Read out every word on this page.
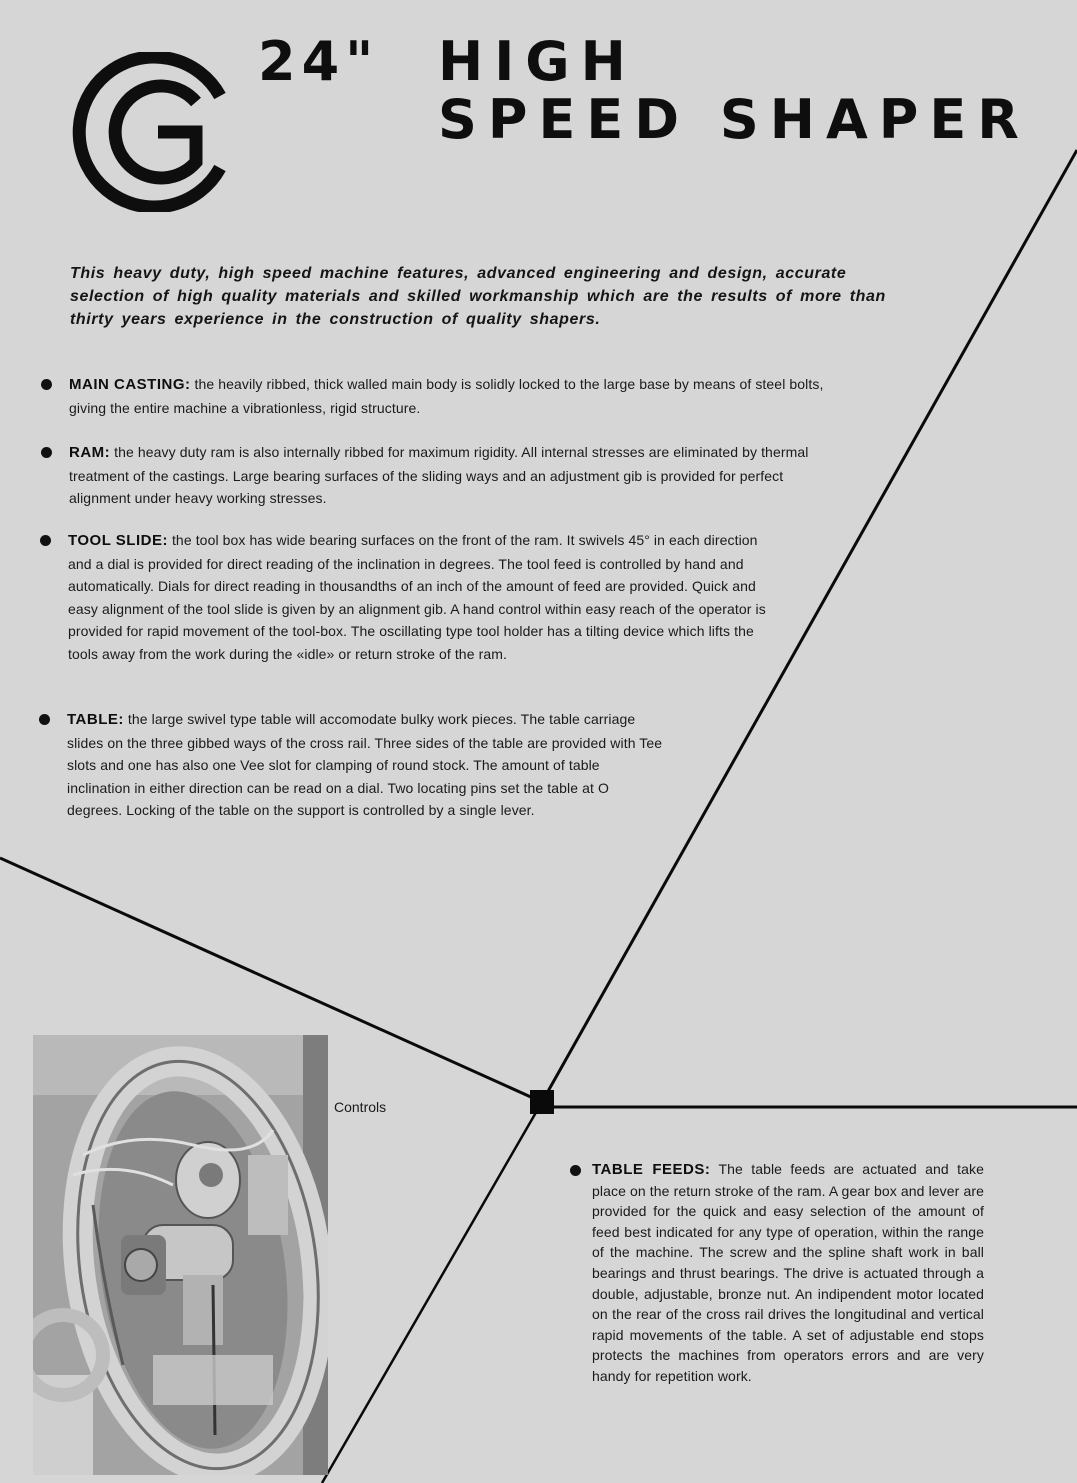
24" HIGH
SPEED SHAPER
This heavy duty, high speed machine features, advanced engineering and design, accurate selection of high quality materials and skilled workmanship which are the results of more than thirty years experience in the construction of quality shapers.

MAIN CASTING: the heavily ribbed, thick walled main body is solidly locked to the large base by means of steel bolts, giving the entire machine a vibrationless, rigid structure.

RAM: the heavy duty ram is also internally ribbed for maximum rigidity. All internal stresses are eliminated by thermal treatment of the castings. Large bearing surfaces of the sliding ways and an adjustment gib is provided for perfect alignment under heavy working stresses.

TOOL SLIDE: the tool box has wide bearing surfaces on the front of the ram. It swivels 45° in each direction and a dial is provided for direct reading of the inclination in degrees. The tool feed is controlled by hand and automatically. Dials for direct reading in thousandths of an inch of the amount of feed are provided. Quick and easy alignment of the tool slide is given by an alignment gib. A hand control within easy reach of the operator is provided for rapid movement of the tool-box. The oscillating type tool holder has a tilting device which lifts the tools away from the work during the «idle» or return stroke of the ram.

TABLE: the large swivel type table will accomodate bulky work pieces. The table carriage slides on the three gibbed ways of the cross rail. Three sides of the table are provided with Tee slots and one has also one Vee slot for clamping of round stock. The amount of table inclination in either direction can be read on a dial. Two locating pins set the table at O degrees. Locking of the table on the support is controlled by a single lever.

Controls

TABLE FEEDS: The table feeds are actuated and take place on the return stroke of the ram. A gear box and lever are provided for the quick and easy selection of the amount of feed best indicated for any type of operation, within the range of the machine. The screw and the spline shaft work in ball bearings and thrust bearings. The drive is actuated through a double, adjustable, bronze nut. An indipendent motor located on the rear of the cross rail drives the longitudinal and vertical rapid movements of the table. A set of adjustable end stops protects the machines from operators errors and are very handy for repetition work.
